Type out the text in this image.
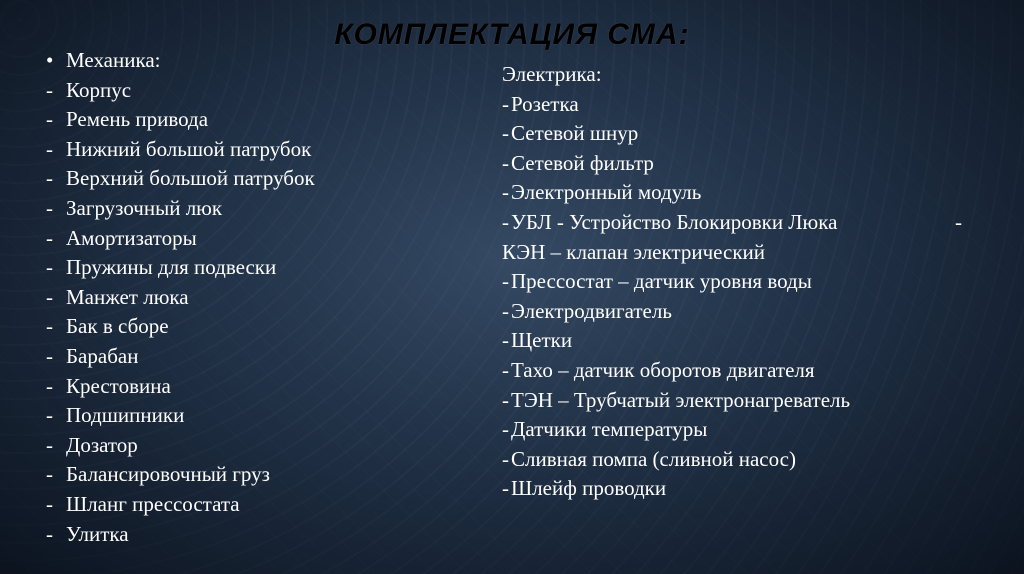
КОМПЛЕКТАЦИЯ СМА:
• Механика:
- Корпус
- Ремень привода
- Нижний большой патрубок
- Верхний большой патрубок
- Загрузочный люк
- Амортизаторы
- Пружины для подвески
- Манжет люка
- Бак в сборе
- Барабан
- Крестовина
- Подшипники
- Дозатор
- Балансировочный груз
- Шланг прессостата
- Улитка
Электрика:
-Розетка
-Сетевой шнур
-Сетевой фильтр
-Электронный модуль
-УБЛ - Устройство Блокировки Люка	-
КЭН – клапан электрический
-Прессостат – датчик уровня воды
-Электродвигатель
-Щетки
-Тахо – датчик оборотов двигателя
-ТЭН – Трубчатый электронагреватель
-Датчики температуры
-Сливная помпа (сливной насос)
-Шлейф проводки
